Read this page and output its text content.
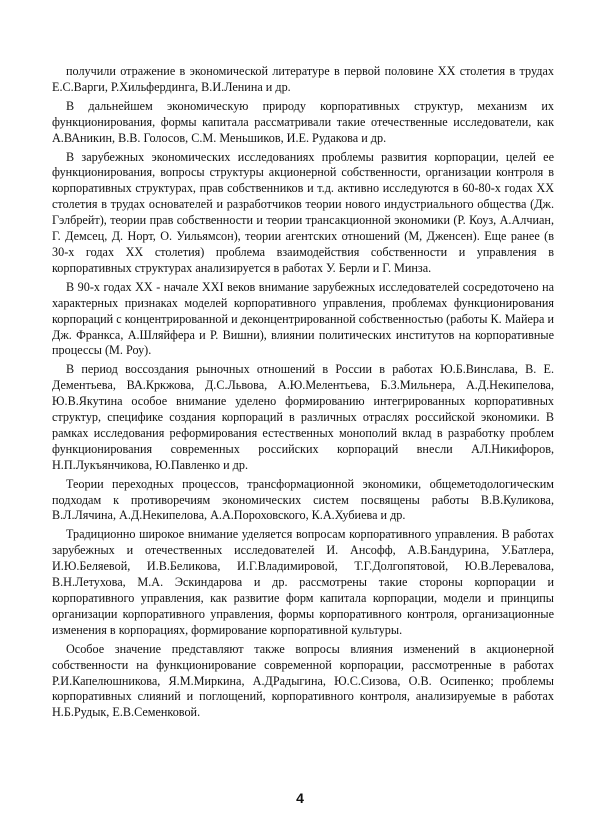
получили отражение в экономической литературе в первой половине XX столетия в трудах Е.С.Варги, Р.Хильфердинга, В.И.Ленина и др.

В дальнейшем экономическую природу корпоративных структур, механизм их функционирования, формы капитала рассматривали такие отечественные исследователи, как А.ВАникин, В.В. Голосов, С.М. Меньшиков, И.Е. Рудакова и др.

В зарубежных экономических исследованиях проблемы развития корпорации, целей ее функционирования, вопросы структуры акционерной собственности, организации контроля в корпоративных структурах, прав собственников и т.д. активно исследуются в 60-80-х годах XX столетия в трудах основателей и разработчиков теории нового индустриального общества (Дж. Гэлбрейт), теории прав собственности и теории трансакционной экономики (Р. Коуз, А.Алчиан, Г. Демсец, Д. Норт, О. Уильямсон), теории агентских отношений (М, Дженсен). Еще ранее (в 30-х годах XX столетия) проблема взаимодействия собственности и управления в корпоративных структурах анализируется в работах У. Берли и Г. Минза.

В 90-х годах XX - начале XXI веков внимание зарубежных исследователей сосредоточено на характерных признаках моделей корпоративного управления, проблемах функционирования корпораций с концентрированной и деконцентрированной собственностью (работы К. Майера и Дж. Франкса, А.Шляйфера и Р. Вишни), влиянии политических институтов на корпоративные процессы (М. Роу).

В период воссоздания рыночных отношений в России в работах Ю.Б.Винслава, В. Е. Дементьева, ВА.Кркжова, Д.С.Львова, А.Ю.Мелентьева, Б.З.Мильнера, А.Д.Некипелова, Ю.В.Якутина особое внимание уделено формированию интегрированных корпоративных структур, специфике создания корпораций в различных отраслях российской экономики. В рамках исследования реформирования естественных монополий вклад в разработку проблем функционирования современных российских корпораций внесли АЛ.Никифоров, Н.П.Лукъянчикова, Ю.Павленко и др.

Теории переходных процессов, трансформационной экономики, общеметодологическим подходам к противоречиям экономических систем посвящены работы В.В.Куликова, В.Л.Лячина, А.Д.Некипелова, А.А.Пороховского, К.А.Хубиева и др.

Традиционно широкое внимание уделяется вопросам корпоративного управления. В работах зарубежных и отечественных исследователей И. Ансофф, А.В.Бандурина, У.Батлера, И.Ю.Беляевой, И.В.Беликова, И.Г.Владимировой, Т.Г.Долгопятовой, Ю.В.Лерева​лова, В.Н.Летухова, М.А. Эскиндарова и др. рассмотрены такие стороны корпорации и корпоративного управления, как развитие форм капитала корпорации, модели и принципы организации корпоративного управления, формы корпоративного контроля, организационные изменения в корпорациях, формирование корпоративной культуры.

Особое значение представляют также вопросы влияния изменений в акционерной собственности на функционирование современной корпорации, рассмотренные в работах Р.И.Капелюшникова, Я.М.Миркина, А.ДРадыгина, Ю.С.Сизова, О.В. Осипенко; проблемы корпоративных слияний и поглощений, корпоративного контроля, анализируемые в работах Н.Б.Рудык, Е.В.Семенковой.

4
